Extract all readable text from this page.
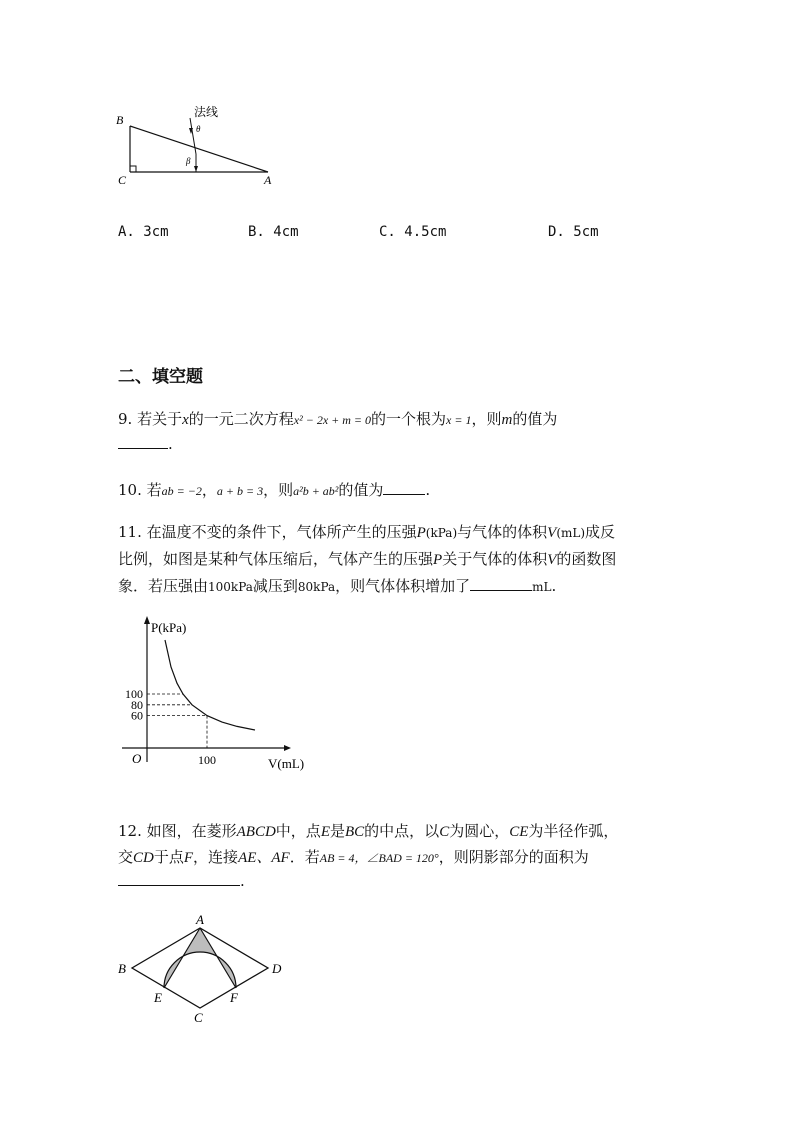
B
C	A
法线
θ
β
A. 3cm	B. 4cm	C. 4.5cm	D. 5cm
二、填空题
9. 若关于x的一元二次方程x² − 2x + m = 0的一个根为x = 1，则m的值为
.
10. 若ab = −2，a + b = 3，则a²b + ab²的值为	.
11. 在温度不变的条件下，气体所产生的压强P(kPa)与气体的体积V(mL)成反
比例，如图是某种气体压缩后，气体产生的压强P关于气体的体积V的函数图
象．若压强由100kPa减压到80kPa，则气体体积增加了	mL.
100
80
60
100
P(kPa)
V(mL)
O
12. 如图，在菱形ABCD中，点E是BC的中点，以C为圆心，CE为半径作弧，
交CD于点F，连接AE、AF．若AB = 4，∠BAD = 120°，则阴影部分的面积为
.
A
B	D
C
E	F
